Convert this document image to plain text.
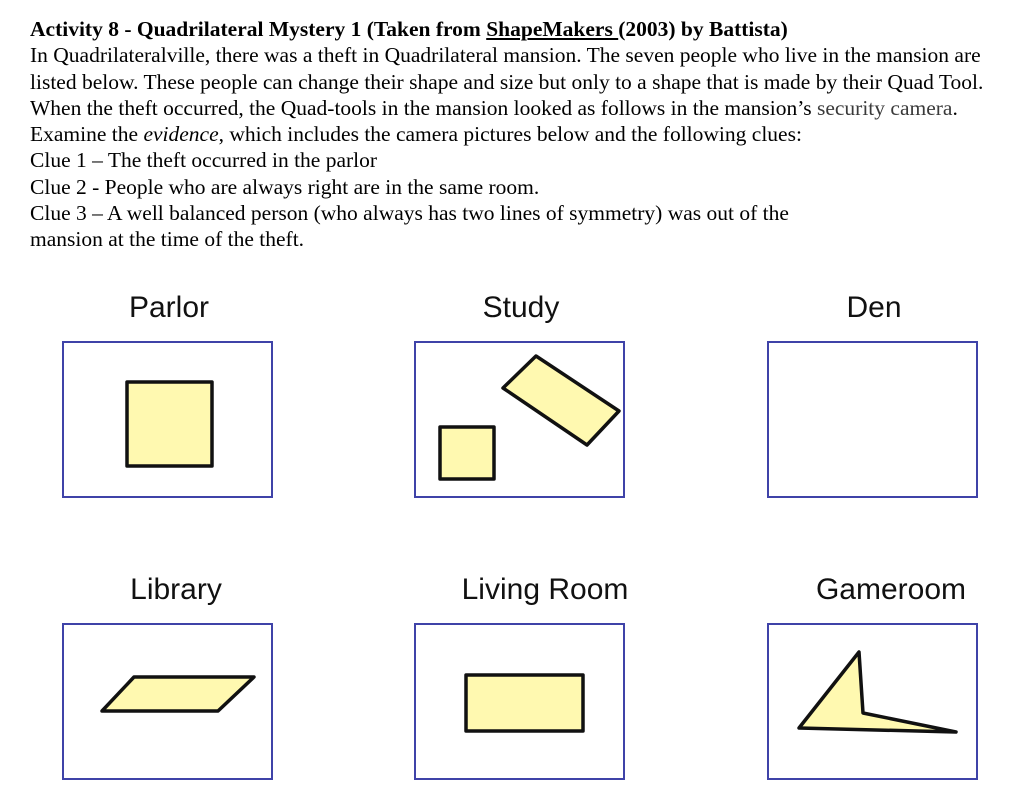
Activity 8 - Quadrilateral Mystery 1 (Taken from ShapeMakers (2003) by Battista)

In Quadrilateralville, there was a theft in Quadrilateral mansion. The seven people who live in the mansion are listed below. These people can change their shape and size but only to a shape that is made by their Quad Tool. When the theft occurred, the Quad-tools in the mansion looked as follows in the mansion’s security camera. Examine the evidence, which includes the camera pictures below and the following clues:

Clue 1 – The theft occurred in the parlor

Clue 2 - People who are always right are in the same room.

Clue 3 – A well balanced person (who always has two lines of symmetry) was out of the

mansion at the time of the theft.

Parlor	Study	Den
Library	Living Room	Gameroom
